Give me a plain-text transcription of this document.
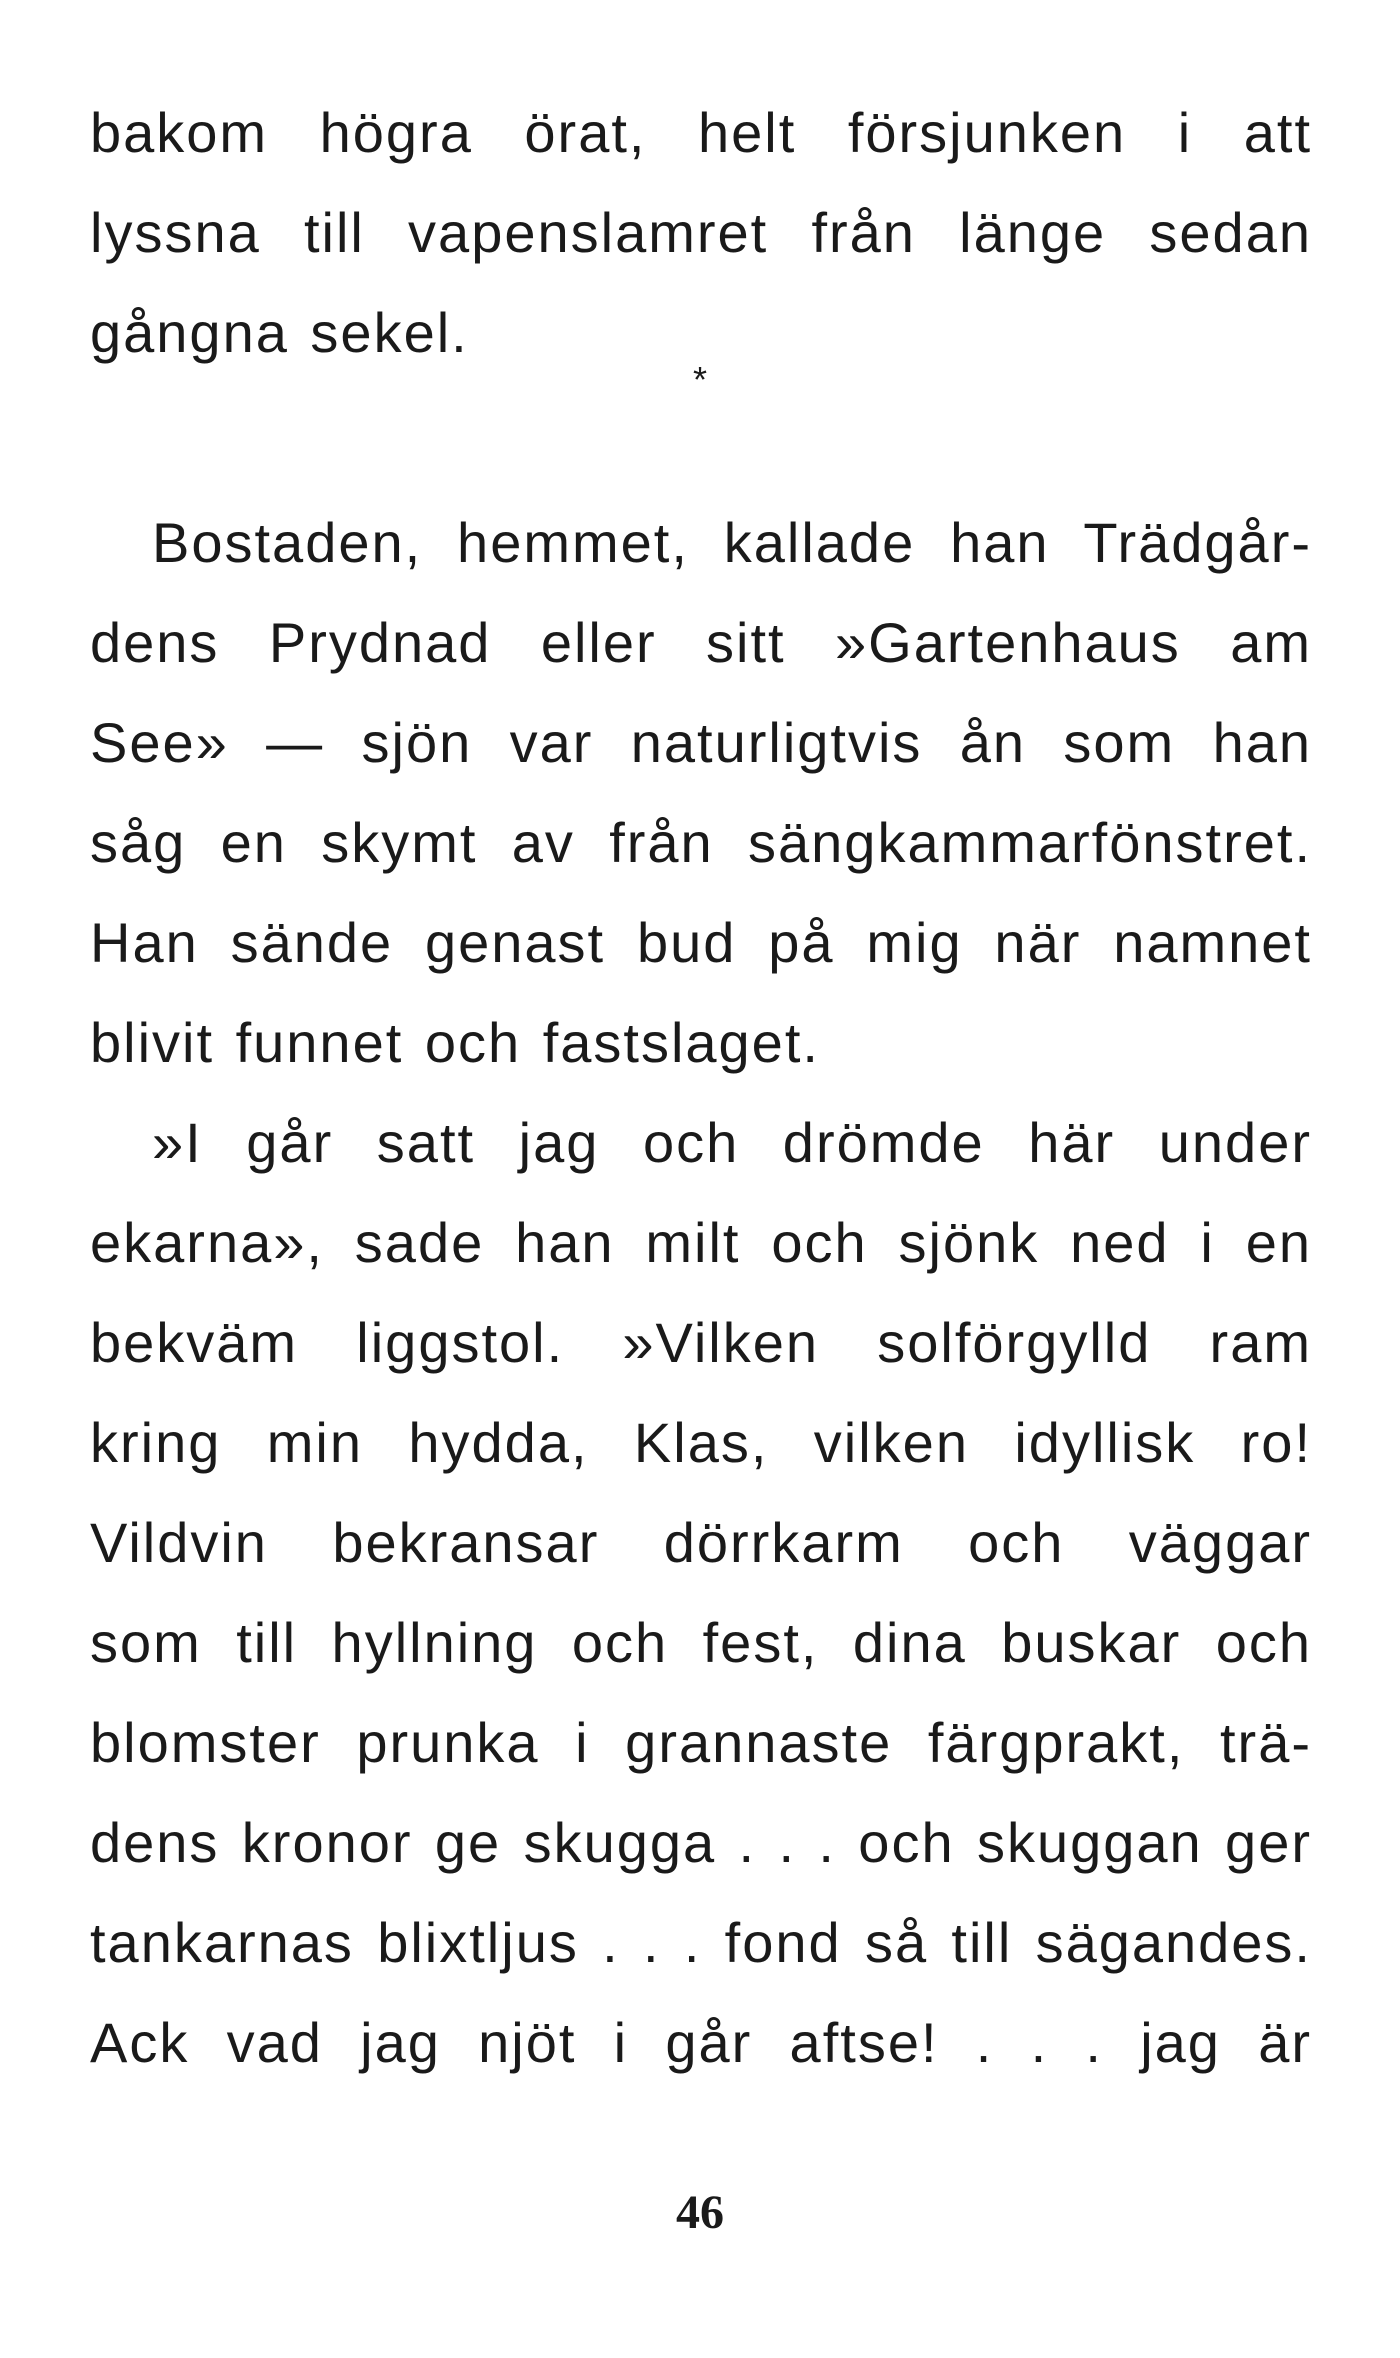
bakom högra örat, helt försjunken i att
lyssna till vapenslamret från länge sedan
gångna sekel.
*
Bostaden, hemmet, kallade han Trädgår-
dens Prydnad eller sitt »Gartenhaus am
See» — sjön var naturligtvis ån som han
såg en skymt av från sängkammarfönstret.
Han sände genast bud på mig när namnet
blivit funnet och fastslaget.
»I går satt jag och drömde här under
ekarna», sade han milt och sjönk ned i en
bekväm liggstol. »Vilken solförgylld ram
kring min hydda, Klas, vilken idyllisk ro!
Vildvin bekransar dörrkarm och väggar
som till hyllning och fest, dina buskar och
blomster prunka i grannaste färgprakt, trä-
dens kronor ge skugga . . . och skuggan ger
tankarnas blixtljus . . . fond så till sägandes.
Ack vad jag njöt i går aftse! . . . jag är
46
